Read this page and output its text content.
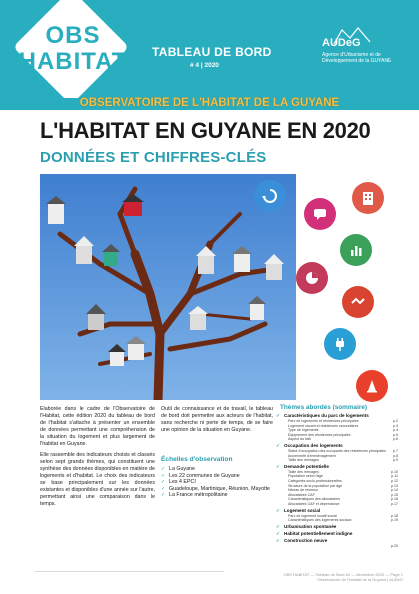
OBS
HABITAT TABLEAU DE BORD
# 4 | 2020
AUDeG
Agence d'Urbanisme et de Développement de la GUYANE
OBSERVATOIRE DE L'HABITAT DE LA GUYANE
L'HABITAT EN GUYANE EN 2020
DONNÉES ET CHIFFRES-CLÉS

Elaborée dans le cadre de l'Observatoire de l'Habitat, cette édition 2020 du tableau de bord de l'habitat s'attache à présenter un ensemble de données permettant une compréhension de la situation du logement et plus largement de l'habitat en Guyane.

Elle rassemble des indicateurs choisis et classés selon sept grands thèmes, qui constituent une synthèse des données disponibles en matière de logements et d'habitat. Le choix des indicateurs se base principalement sur les données existantes et disponibles d'une année sur l'autre, permettant ainsi une comparaison dans le temps.

Outil de connaissance et de travail, le tableau de bord doit permettre aux acteurs de l'habitat, sans recherche ni perte de temps, de se faire une opinion de la situation en Guyane.

Échelles d'observation
✓ La Guyane
✓ Les 22 communes de Guyane
✓ Les 4 EPCI
✓ Guadeloupe, Martinique, Réunion, Mayotte
✓ La France métropolitaine
Thèmes abordés (sommaire)
✓ Caractéristiques du parc de logements
Parc de logements et résidences principales	p.2
Logement vacant et résidences secondaires	p.3
Type de logements	p.4
Equipement des résidences principales	p.5
Aspect du bâti	p.6
✓ Occupation des logements
Statut d'occupation des occupants des résidences principales p.7
Ancienneté d'emménagement	p.8
Taille des ménages	p.9
✓ Demande potentielle
Taille des ménages	p.10
Population selon l'âge	p.11
Catégories socio-professionnelles	p.12
Structure de la population par âge	p.13
Niveau de revenus	p.14
Allocataires CAF	p.15
Caractéristiques des allocataires	p.16
Allocataires CAF et dépendance	p.17
✓ Logement social
Parc de logement locatif social	p.18
Caractéristiques des logements sociaux	p.19
✓ Urbanisation spontanée
✓ Habitat potentiellement indigne
✓ Construction neuve
p.20
OBS HABITAT — Tableau de Bord #4 — décembre 2020 — Page 1
Observatoire de l'Habitat de la Guyane | AUDeG
